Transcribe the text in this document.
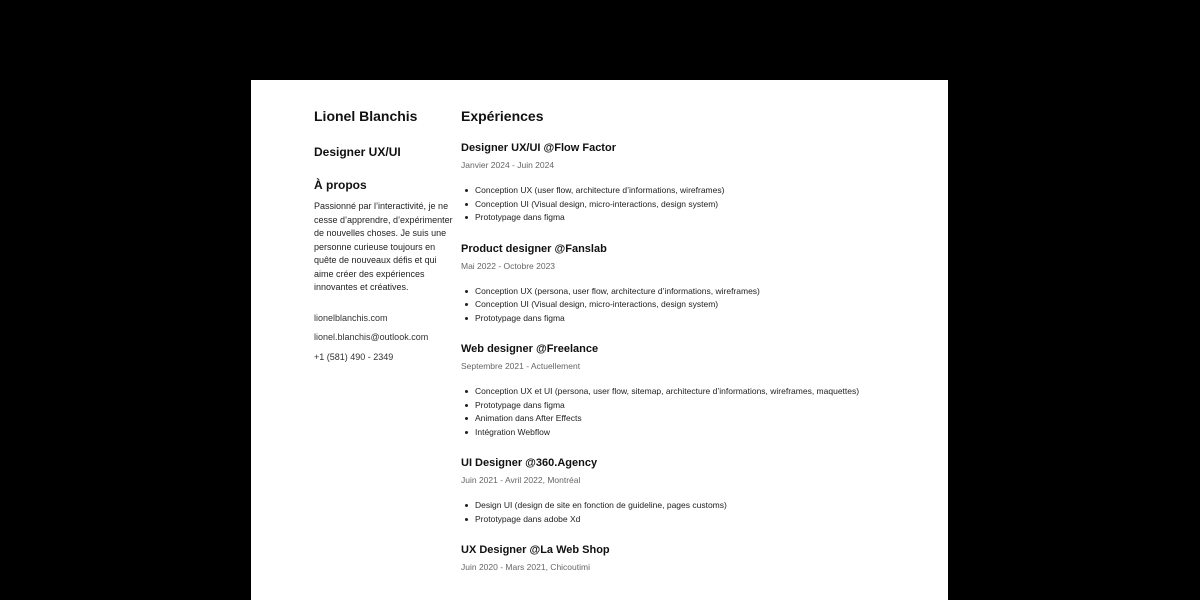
Lionel Blanchis
Designer UX/UI
À propos

Passionné par l’interactivité, je ne cesse d’apprendre, d’expérimenter de nouvelles choses. Je suis une personne curieuse toujours en quête de nouveaux défis et qui aime créer des expériences innovantes et créatives.

lionelblanchis.com
lionel.blanchis@outlook.com
+1 (581) 490 - 2349
Expériences
Designer UX/UI @Flow Factor
Janvier 2024 - Juin 2024
Conception UX (user flow, architecture d’informations, wireframes)
Conception UI (Visual design, micro-interactions, design system)
Prototypage dans figma
Product designer @Fanslab
Mai 2022 - Octobre 2023
Conception UX (persona, user flow, architecture d’informations, wireframes)
Conception UI (Visual design, micro-interactions, design system)
Prototypage dans figma
Web designer @Freelance
Septembre 2021 - Actuellement
Conception UX et UI (persona, user flow, sitemap, architecture d’informations, wireframes, maquettes)
Prototypage dans figma
Animation dans After Effects
Intégration Webflow
UI Designer @360.Agency
Juin 2021 - Avril 2022, Montréal
Design UI (design de site en fonction de guideline, pages customs)
Prototypage dans adobe Xd
UX Designer @La Web Shop
Juin 2020 - Mars 2021, Chicoutimi
